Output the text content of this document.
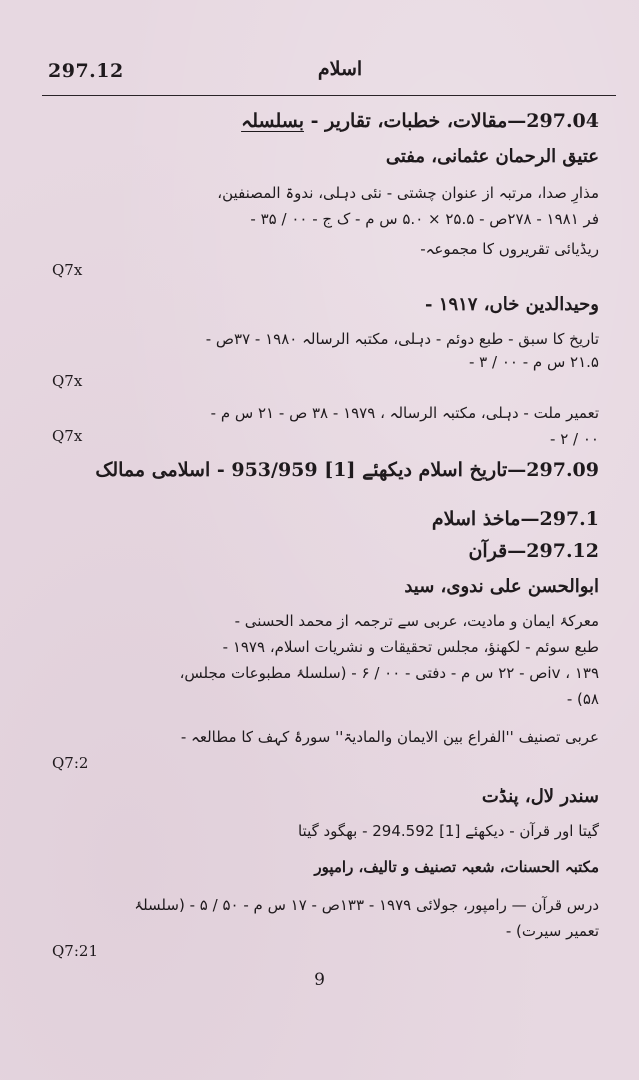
297.12	اسلام
297.04—مقالات، خطبات، تقاریر - بسلسلہ
عتیق الرحمان عثمانی، مفتی
مذارِ صدا، مرتبہ از عنوان چشتی - نئی دہلی، ندوۃ المصنفین،
فر ۱۹۸۱ - ۲۷۸ص - ۲۵.۵ × ۵.۰ س م - ک ج - ۰۰ / ۳۵ -
ریڈیائی تقریروں کا مجموعہ-
Q7x
وحیدالدین خاں، ۱۹۱۷ -
تاریخ کا سبق - طبع دوئم - دہلی، مکتبہ الرسالہ ۱۹۸۰ - ۳۷ص -
۲۱.۵ س م - ۰۰ / ۳ -
Q7x
تعمیر ملت - دہلی، مکتبہ الرسالہ ، ۱۹۷۹ - ۳۸ ص - ۲۱ س م -
۰۰ / ۲ -
Q7x
297.09—تاریخ اسلام دیکھئے [1] 953/959 - اسلامی ممالک
297.1—ماخذ اسلام
297.12—قرآن
ابوالحسن علی ندوی، سید
معرکۂ ایمان و مادیت، عربی سے ترجمہ از محمد الحسنی -
طبع سوئم - لکھنؤ، مجلس تحقیقات و نشریات اسلام، ۱۹۷۹ -
iv ، ۱۳۹ص - ۲۲ س م - دفتی - ۰۰ / ۶ - (سلسلۂ مطبوعات مجلس،
۵۸) -
عربی تصنیف ''الفراع بین الایمان والمادیۃ'' سورۂ کہف کا مطالعہ -
Q7:2
سندر لال، پنڈت
گیتا اور قرآن - دیکھئے [1] 294.592 - بھگود گیتا
مکتبہ الحسنات، شعبہ تصنیف و تالیف، رامپور
درس قرآن — رامپور، جولائی ۱۹۷۹ - ۱۳۳ص - ۱۷ س م - ۵۰ / ۵ - (سلسلۂ
تعمیر سیرت) -
Q7:21
9
